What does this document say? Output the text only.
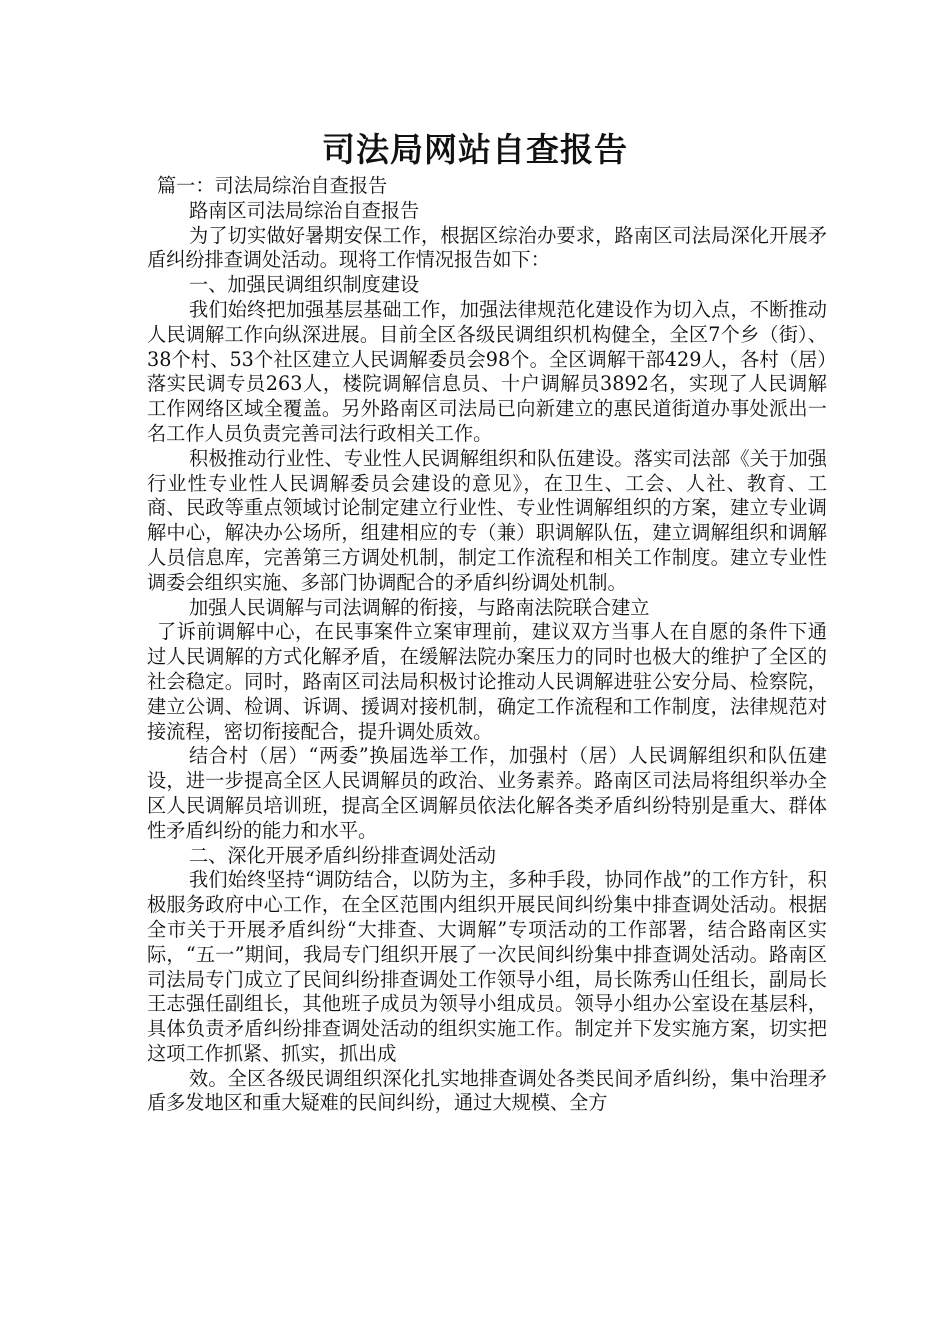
司法局网站自查报告

篇一：司法局综治自查报告

路南区司法局综治自查报告

为了切实做好暑期安保工作，根据区综治办要求，路南区司法局深化开展矛盾纠纷排查调处活动。现将工作情况报告如下：

一、加强民调组织制度建设

我们始终把加强基层基础工作，加强法律规范化建设作为切入点，不断推动人民调解工作向纵深进展。目前全区各级民调组织机构健全，全区7个乡（街）、38个村、53个社区建立人民调解委员会98个。全区调解干部429人，各村（居）落实民调专员263人，楼院调解信息员、十户调解员3892名，实现了人民调解工作网络区域全覆盖。另外路南区司法局已向新建立的惠民道街道办事处派出一名工作人员负责完善司法行政相关工作。

积极推动行业性、专业性人民调解组织和队伍建设。落实司法部《关于加强行业性专业性人民调解委员会建设的意见》，在卫生、工会、人社、教育、工商、民政等重点领域讨论制定建立行业性、专业性调解组织的方案，建立专业调解中心，解决办公场所，组建相应的专（兼）职调解队伍，建立调解组织和调解人员信息库，完善第三方调处机制，制定工作流程和相关工作制度。建立专业性调委会组织实施、多部门协调配合的矛盾纠纷调处机制。

加强人民调解与司法调解的衔接，与路南法院联合建立

了诉前调解中心，在民事案件立案审理前，建议双方当事人在自愿的条件下通过人民调解的方式化解矛盾，在缓解法院办案压力的同时也极大的维护了全区的社会稳定。同时，路南区司法局积极讨论推动人民调解进驻公安分局、检察院，建立公调、检调、诉调、援调对接机制，确定工作流程和工作制度，法律规范对接流程，密切衔接配合，提升调处质效。

结合村（居）“两委”换届选举工作，加强村（居）人民调解组织和队伍建设，进一步提高全区人民调解员的政治、业务素养。路南区司法局将组织举办全区人民调解员培训班，提高全区调解员依法化解各类矛盾纠纷特别是重大、群体性矛盾纠纷的能力和水平。

二、深化开展矛盾纠纷排查调处活动

我们始终坚持“调防结合，以防为主，多种手段，协同作战”的工作方针，积极服务政府中心工作，在全区范围内组织开展民间纠纷集中排查调处活动。根据全市关于开展矛盾纠纷“大排查、大调解”专项活动的工作部署，结合路南区实际，“五一”期间，我局专门组织开展了一次民间纠纷集中排查调处活动。路南区司法局专门成立了民间纠纷排查调处工作领导小组，局长陈秀山任组长，副局长王志强任副组长，其他班子成员为领导小组成员。领导小组办公室设在基层科，具体负责矛盾纠纷排查调处活动的组织实施工作。制定并下发实施方案，切实把这项工作抓紧、抓实，抓出成

效。全区各级民调组织深化扎实地排查调处各类民间矛盾纠纷，集中治理矛盾多发地区和重大疑难的民间纠纷，通过大规模、全方
